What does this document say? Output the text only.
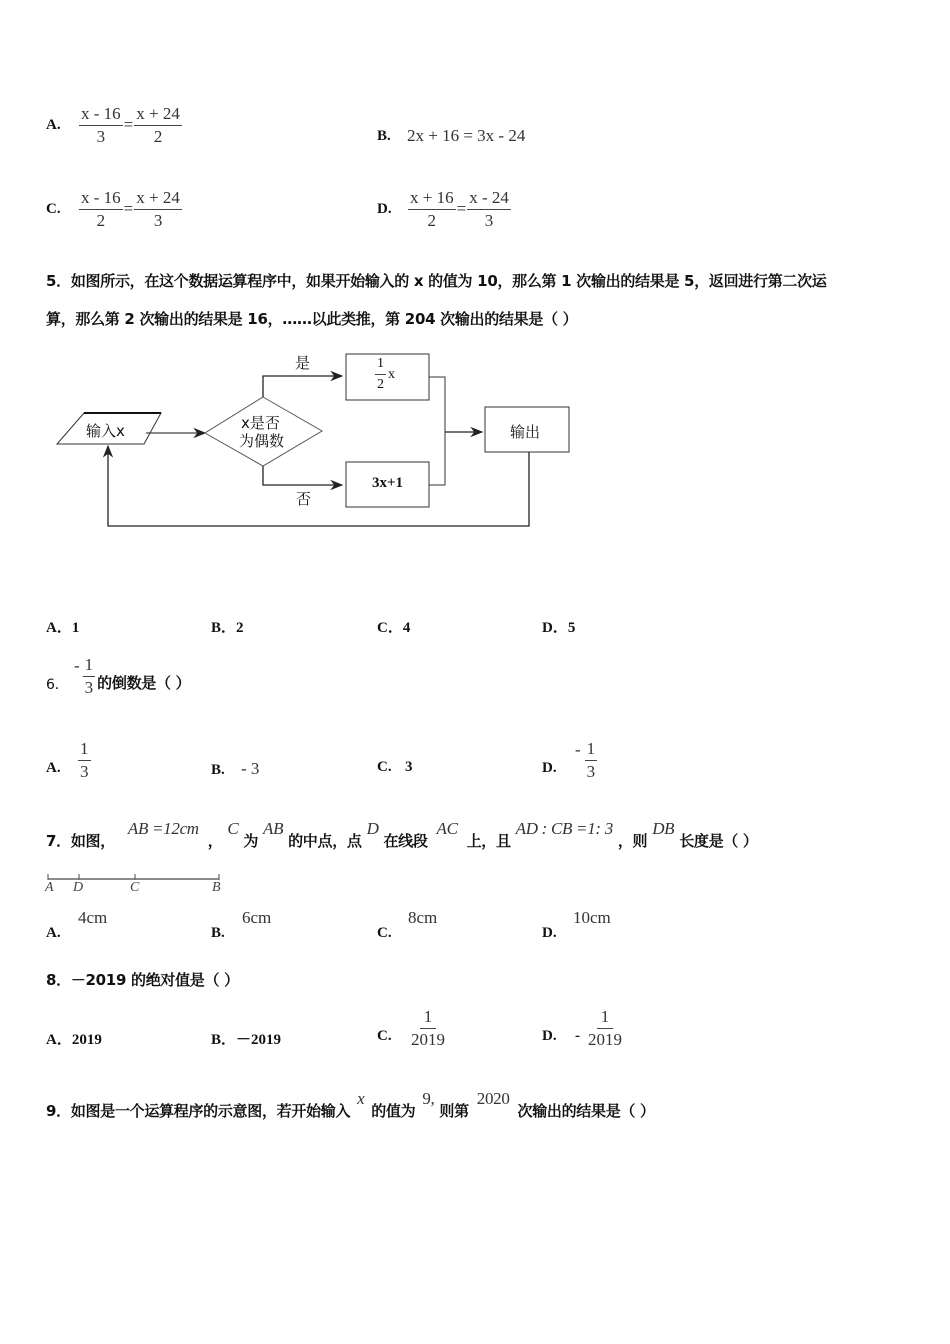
A.	$\frac{x - 16}{3} = \frac{x + 24}{2}$	B. 2x + 16 = 3x - 24
C.	$\frac{x - 16}{2} = \frac{x + 24}{3}$	D. $\frac{x + 16}{2} = \frac{x - 24}{3}$
5．如图所示，在这个数据运算程序中，如果开始输入的 x 的值为 10，那么第 1 次输出的结果是 5，返回进行第二次运
算，那么第 2 次输出的结果是 16，……以此类推，第 204 次输出的结果是（ ）
输入x	x是否
为偶数
是
否
$\frac{1}{2}$ x
3x+1
输出
A．1	B．2	C．4	D．5
6.
- $\frac{1}{3}$ 的倒数是（ ）
A.	$\frac{1}{3}$	B. - 3	C. 3	D.
- $\frac{1}{3}$
7．如图， AB =12cm ， C 为 AB 的中点，点 D 在线段 AC 上，且 AD : CB =1: 3 ，则 DB 长度是（ ）
A D	C	B
A.
4cm
B.
6cm
C.
8cm
D.
10cm
8．－2019 的绝对值是（ ）
A．2019	B．－2019	C.	$\frac{1}{2019}$	D.	- $\frac{1}{2019}$
9．如图是一个运算程序的示意图，若开始输入 x 的值为 9, 则第 2020 次输出的结果是（ ）
